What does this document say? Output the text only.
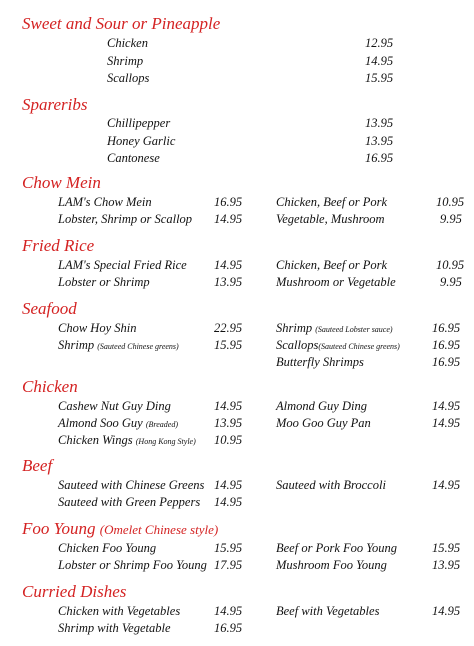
Sweet and Sour or Pineapple
Chicken	12.95
Shrimp	14.95
Scallops	15.95
Spareribs
Chillipepper	13.95
Honey Garlic	13.95
Cantonese	16.95
Chow Mein
LAM's Chow Mein	16.95
Lobster, Shrimp or Scallop 14.95
Chicken, Beef or Pork	10.95
Vegetable, Mushroom	9.95
Fried Rice
LAM's Special Fried Rice 14.95
Lobster or Shrimp	13.95
Chicken, Beef or Pork	10.95
Mushroom or Vegetable	9.95
Seafood
Chow Hoy Shin	22.95
Shrimp (Sauteed Chinese greens)	15.95
Shrimp (Sauteed Lobster sauce)	16.95
Scallops(Sauteed Chinese greens)	16.95
Butterfly Shrimps	16.95
Chicken
Cashew Nut Guy Ding	14.95
Almond Soo Guy (Breaded)	13.95
Chicken Wings (Hong Kong Style) 10.95
Almond Guy Ding	14.95
Moo Goo Guy Pan	14.95
Beef
Sauteed with Chinese Greens 14.95
Sauteed with Green Peppers 14.95
Sauteed with Broccoli	14.95
Foo Young (Omelet Chinese style)
Chicken Foo Young	15.95
Lobster or Shrimp Foo Young 17.95
Beef or Pork Foo Young	15.95
Mushroom Foo Young	13.95
Curried Dishes
Chicken with Vegetables	14.95
Shrimp with Vegetable	16.95
Beef with Vegetables	14.95
